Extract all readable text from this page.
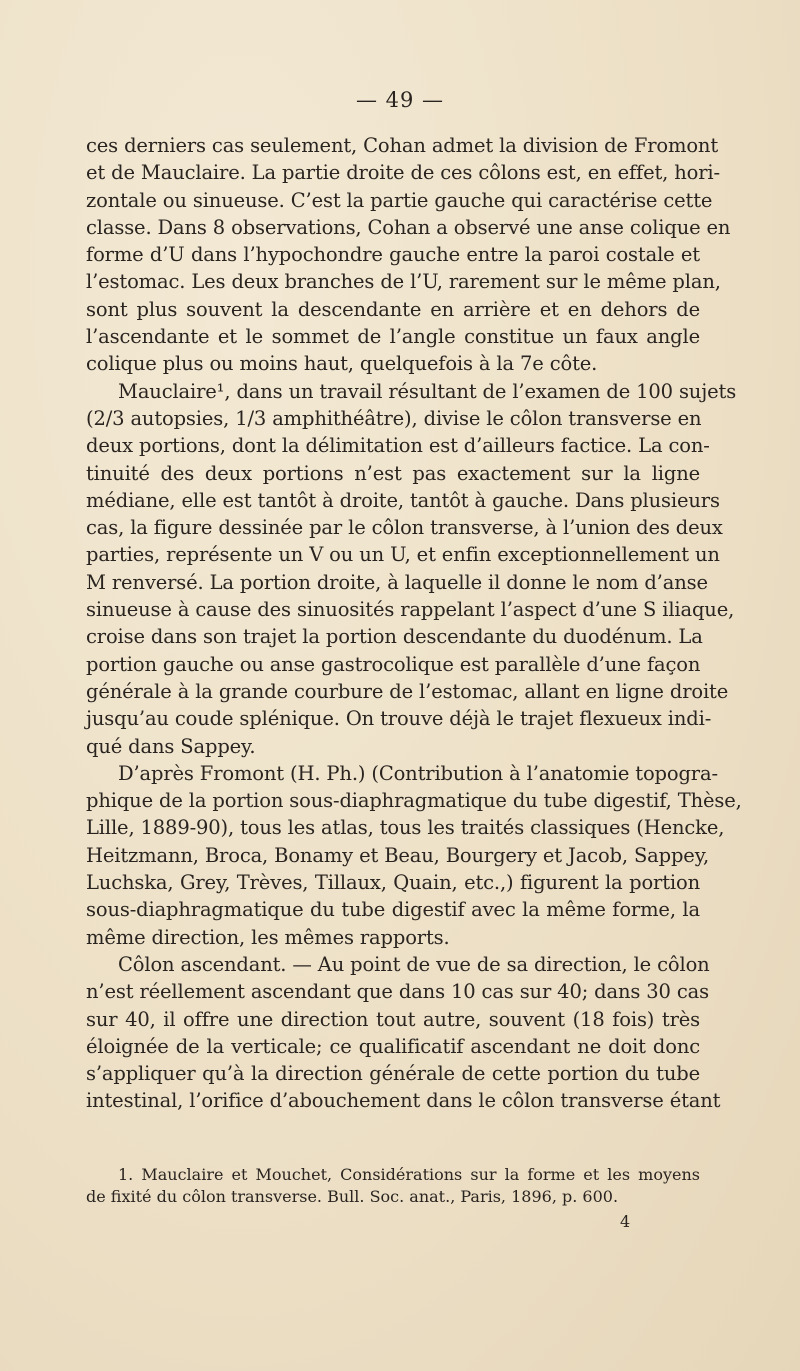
— 49 —

ces derniers cas seulement, Cohan admet la division de Fromont
et de Mauclaire. La partie droite de ces côlons est, en effet, hori-
zontale ou sinueuse. C’est la partie gauche qui caractérise cette
classe. Dans 8 observations, Cohan a observé une anse colique en
forme d’U dans l’hypochondre gauche entre la paroi costale et
l’estomac. Les deux branches de l’U, rarement sur le même plan,
sont plus souvent la descendante en arrière et en dehors de
l’ascendante et le sommet de l’angle constitue un faux angle
colique plus ou moins haut, quelquefois à la 7e côte.

Mauclaire¹, dans un travail résultant de l’examen de 100 sujets
(2/3 autopsies, 1/3 amphithéâtre), divise le côlon transverse en
deux portions, dont la délimitation est d’ailleurs factice. La con-
tinuité des deux portions n’est pas exactement sur la ligne
médiane, elle est tantôt à droite, tantôt à gauche. Dans plusieurs
cas, la figure dessinée par le côlon transverse, à l’union des deux
parties, représente un V ou un U, et enfin exceptionnellement un
M renversé. La portion droite, à laquelle il donne le nom d’anse
sinueuse à cause des sinuosités rappelant l’aspect d’une S iliaque,
croise dans son trajet la portion descendante du duodénum. La
portion gauche ou anse gastrocolique est parallèle d’une façon
générale à la grande courbure de l’estomac, allant en ligne droite
jusqu’au coude splénique. On trouve déjà le trajet flexueux indi-
qué dans Sappey.

D’après Fromont (H. Ph.) (Contribution à l’anatomie topogra-
phique de la portion sous-diaphragmatique du tube digestif, Thèse,
Lille, 1889-90), tous les atlas, tous les traités classiques (Hencke,
Heitzmann, Broca, Bonamy et Beau, Bourgery et Jacob, Sappey,
Luchska, Grey, Trèves, Tillaux, Quain, etc.,) figurent la portion
sous-diaphragmatique du tube digestif avec la même forme, la
même direction, les mêmes rapports.

Côlon ascendant. — Au point de vue de sa direction, le côlon
n’est réellement ascendant que dans 10 cas sur 40; dans 30 cas
sur 40, il offre une direction tout autre, souvent (18 fois) très
éloignée de la verticale; ce qualificatif ascendant ne doit donc
s’appliquer qu’à la direction générale de cette portion du tube
intestinal, l’orifice d’abouchement dans le côlon transverse étant

1. Mauclaire et Mouchet, Considérations sur la forme et les moyens
de fixité du côlon transverse. Bull. Soc. anat., Paris, 1896, p. 600.
4
